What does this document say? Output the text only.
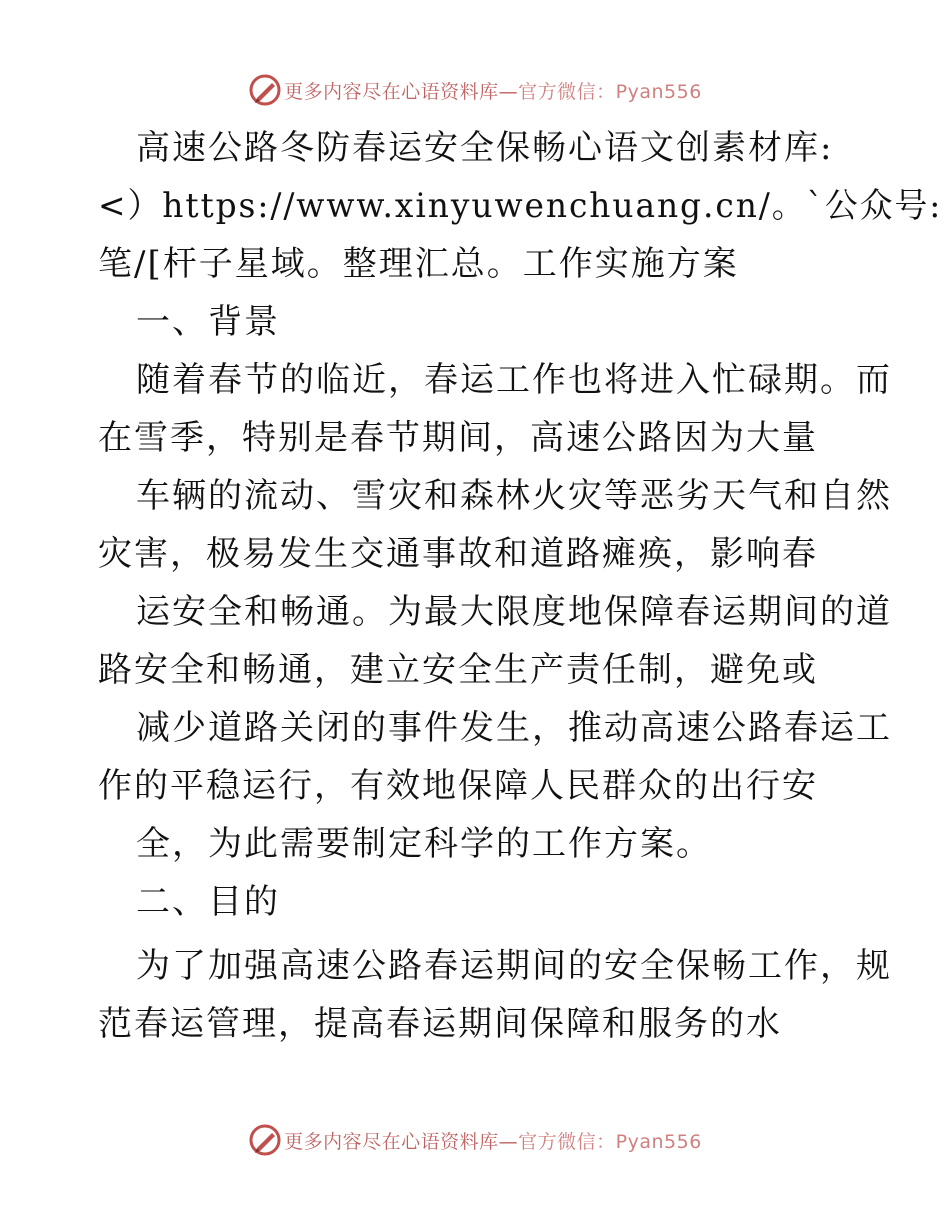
更多内容尽在心语资料库—官方微信：Pyan556
高速公路冬防春运安全保畅心语文创素材库:
<）https://www.xinyuwenchuang.cn/。`公众号:
笔/[杆子星域。整理汇总。工作实施方案
一、背景
随着春节的临近，春运工作也将进入忙碌期。而
在雪季，特别是春节期间，高速公路因为大量
车辆的流动、雪灾和森林火灾等恶劣天气和自然
灾害，极易发生交通事故和道路瘫痪，影响春
运安全和畅通。为最大限度地保障春运期间的道
路安全和畅通，建立安全生产责任制，避免或
减少道路关闭的事件发生，推动高速公路春运工
作的平稳运行，有效地保障人民群众的出行安
全，为此需要制定科学的工作方案。
二、目的
为了加强高速公路春运期间的安全保畅工作，规
范春运管理，提高春运期间保障和服务的水
更多内容尽在心语资料库—官方微信：Pyan556
